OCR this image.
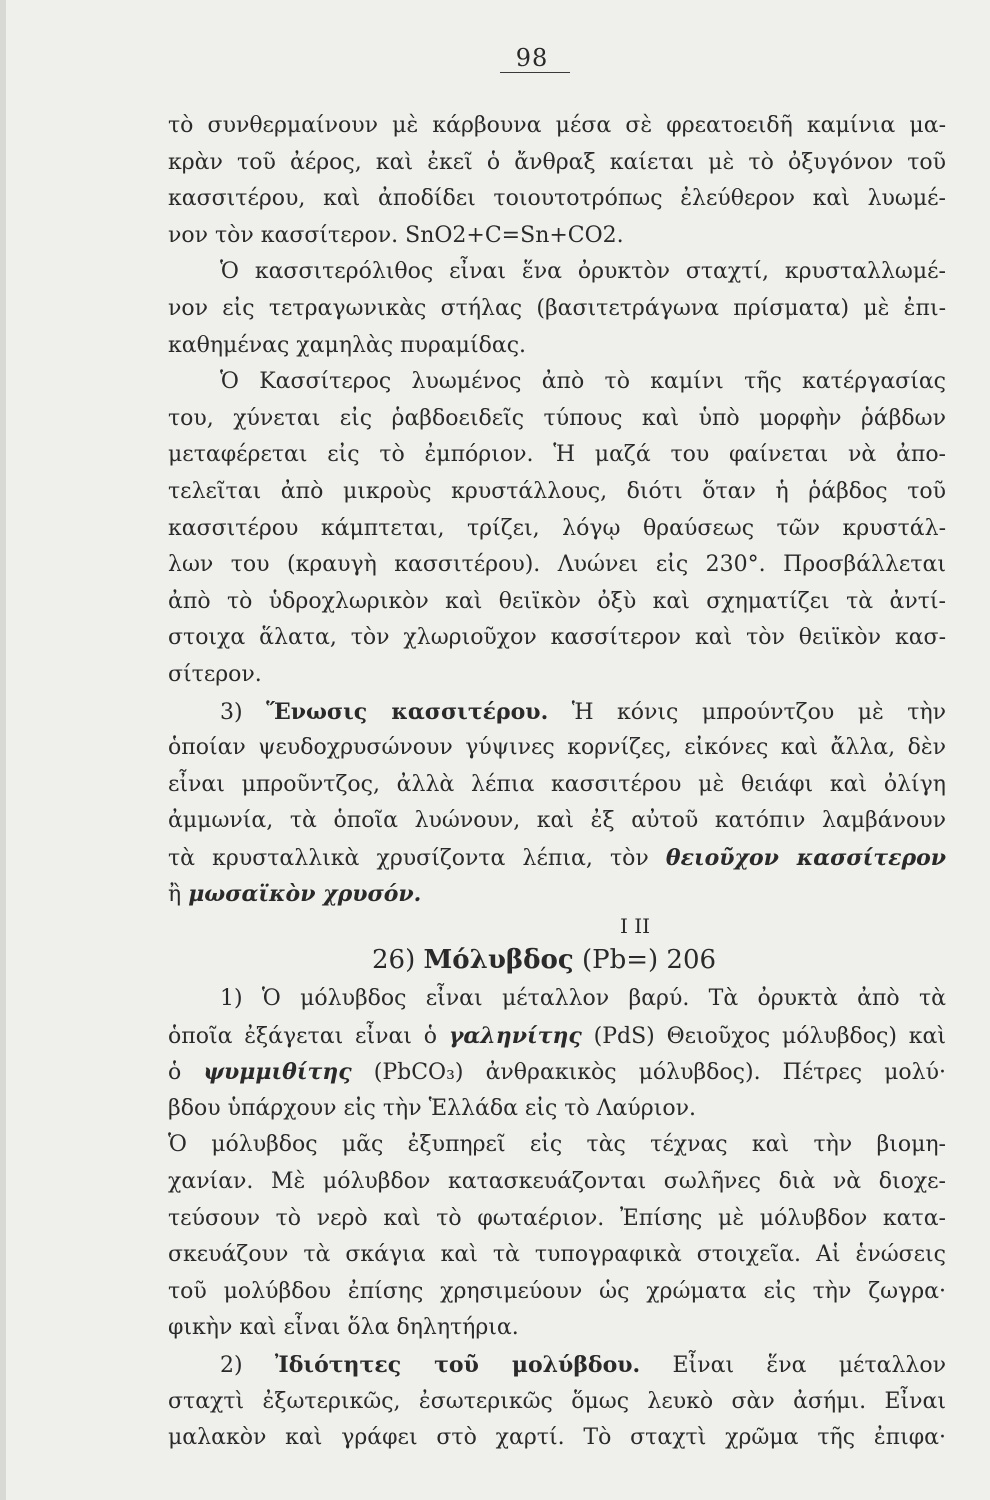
98
τὸ συνθερμαίνουν μὲ κάρβουνα μέσα σὲ φρεατοειδῆ καμίνια μα-
κρὰν τοῦ ἀέρος, καὶ ἐκεῖ ὁ ἄνθραξ καίεται μὲ τὸ ὀξυγόνον τοῦ
κασσιτέρου, καὶ ἀποδίδει τοιουτοτρόπως ἐλεύθερον καὶ λυωμέ-
νον τὸν κασσίτερον. SnO2+C=Sn+CO2.
Ὁ κασσιτερόλιθος εἶναι ἕνα ὀρυκτὸν σταχτί, κρυσταλλωμέ-
νον εἰς τετραγωνικὰς στήλας (βασιτετράγωνα πρίσματα) μὲ ἐπι-
καθημένας χαμηλὰς πυραμίδας.
Ὁ Κασσίτερος λυωμένος ἀπὸ τὸ καμίνι τῆς κατέργασίας
του, χύνεται εἰς ῥαβδοειδεῖς τύπους καὶ ὑπὸ μορφὴν ῥάβδων
μεταφέρεται εἰς τὸ ἐμπόριον. Ἡ μαζά του φαίνεται νὰ ἀπο-
τελεῖται ἀπὸ μικροὺς κρυστάλλους, διότι ὅταν ἡ ῥάβδος τοῦ
κασσιτέρου κάμπτεται, τρίζει, λόγῳ θραύσεως τῶν κρυστάλ-
λων του (κραυγὴ κασσιτέρου). Λυώνει εἰς 230°. Προσβάλλεται
ἀπὸ τὸ ὑδροχλωρικὸν καὶ θειϊκὸν ὀξὺ καὶ σχηματίζει τὰ ἀντί-
στοιχα ἅλατα, τὸν χλωριοῦχον κασσίτερον καὶ τὸν θειϊκὸν κασ-
σίτερον.
3) Ἕνωσις κασσιτέρου. Ἡ κόνις μπρούντζου μὲ τὴν
ὁποίαν ψευδοχρυσώνουν γύψινες κορνίζες, εἰκόνες καὶ ἄλλα, δὲν
εἶναι μπροῦντζος, ἀλλὰ λέπια κασσιτέρου μὲ θειάφι καὶ ὀλίγη
ἀμμωνία, τὰ ὁποῖα λυώνουν, καὶ ἐξ αὐτοῦ κατόπιν λαμβάνουν
τὰ κρυσταλλικὰ χρυσίζοντα λέπια, τὸν θειοῦχον κασσίτερον
ἢ μωσαϊκὸν χρυσόν.
I II
26) Μόλυβδος (Pb=) 206
1) Ὁ μόλυβδος εἶναι μέταλλον βαρύ. Τὰ ὀρυκτὰ ἀπὸ τὰ
ὁποῖα ἐξάγεται εἶναι ὁ γαληνίτης (PdS) Θειοῦχος μόλυβδος) καὶ
ὁ ψυμμιθίτης (PbCO₃) ἀνθρακικὸς μόλυβδος). Πέτρες μολύ·
βδου ὑπάρχουν εἰς τὴν Ἑλλάδα εἰς τὸ Λαύριον.
Ὁ μόλυβδος μᾶς ἐξυπηρεῖ εἰς τὰς τέχνας καὶ τὴν βιομη-
χανίαν. Μὲ μόλυβδον κατασκευάζονται σωλῆνες διὰ νὰ διοχε-
τεύσουν τὸ νερὸ καὶ τὸ φωταέριον. Ἐπίσης μὲ μόλυβδον κατα-
σκευάζουν τὰ σκάγια καὶ τὰ τυπογραφικὰ στοιχεῖα. Αἱ ἑνώσεις
τοῦ μολύβδου ἐπίσης χρησιμεύουν ὡς χρώματα εἰς τὴν ζωγρα·
φικὴν καὶ εἶναι ὅλα δηλητήρια.
2) Ἰδιότητες τοῦ μολύβδου. Εἶναι ἕνα μέταλλον
σταχτὶ ἐξωτερικῶς, ἐσωτερικῶς ὅμως λευκὸ σὰν ἀσήμι. Εἶναι
μαλακὸν καὶ γράφει στὸ χαρτί. Τὸ σταχτὶ χρῶμα τῆς ἐπιφα·
